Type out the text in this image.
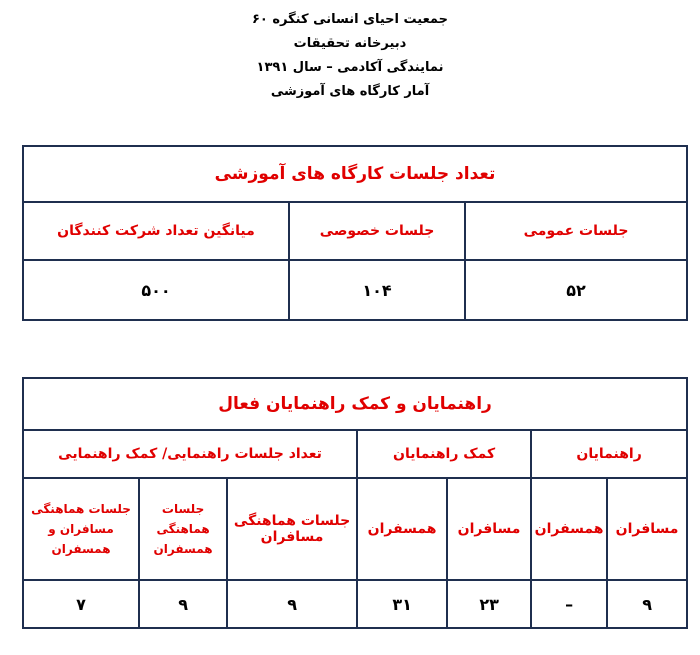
جمعیت احیای انسانی کنگره ۶۰
دبیرخانه تحقیقات
نمایندگی آکادمی – سال ۱۳۹۱
آمار کارگاه های آموزشی
تعداد جلسات کارگاه های آموزشی		
جلسات عمومی	جلسات خصوصی	میانگین تعداد شرکت کنندگان
۵۲	۱۰۴	۵۰۰
راهنمایان و کمک راهنمایان فعال						
راهنمایان		کمک راهنمایان		تعداد جلسات راهنمایی/ کمک راهنمایی		
مسافران	همسفران	مسافران	همسفران	جلسات هماهنگی مسافران	جلسات هماهنگی همسفران	جلسات هماهنگی مسافران و همسفران
۹	–	۲۳	۳۱	۹	۹	۷
